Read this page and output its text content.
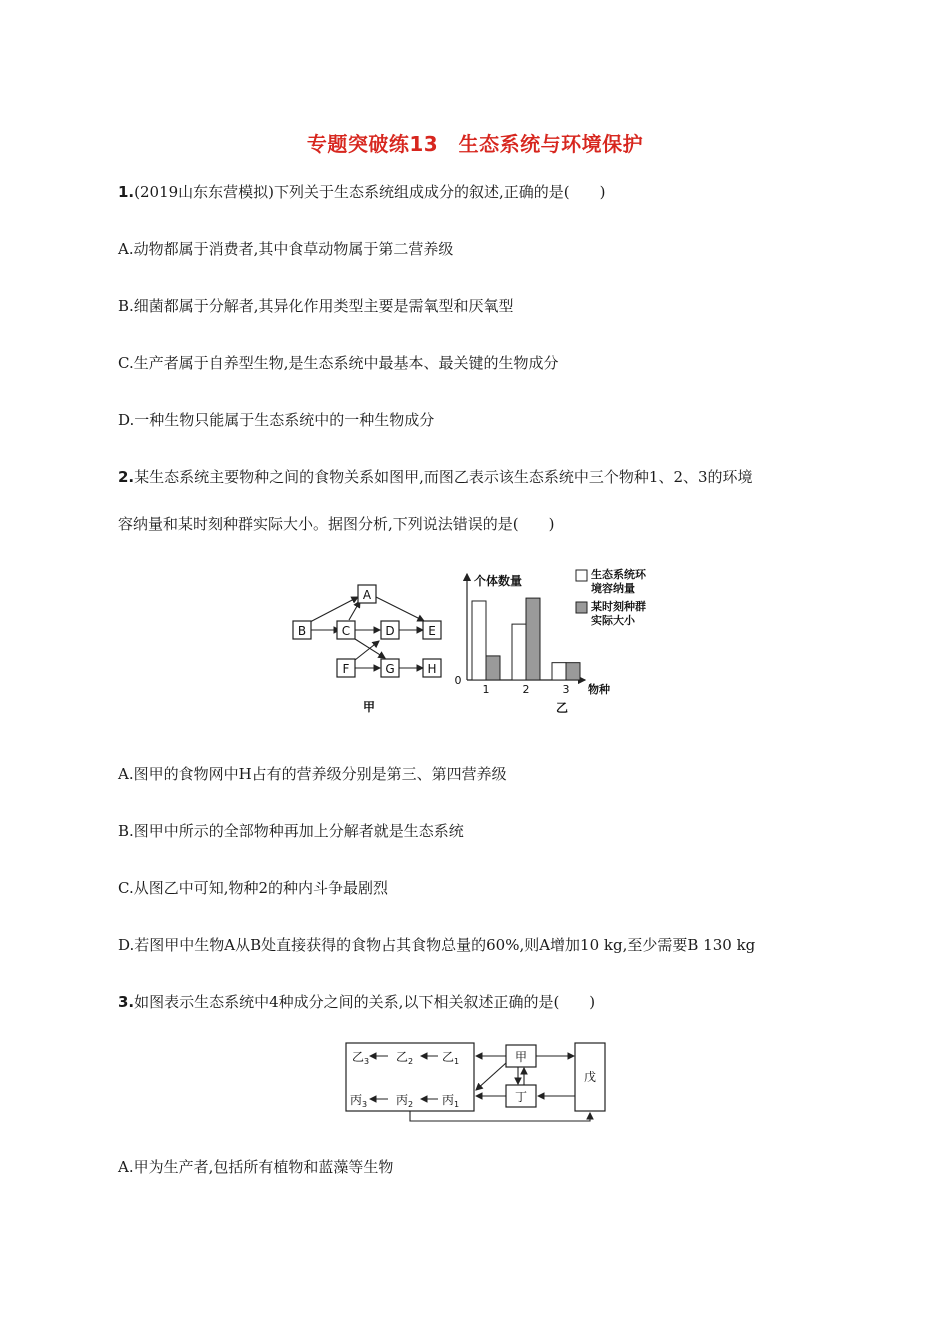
专题突破练13　生态系统与环境保护
1.(2019山东东营模拟)下列关于生态系统组成成分的叙述,正确的是(　　)
A.动物都属于消费者,其中食草动物属于第二营养级
B.细菌都属于分解者,其异化作用类型主要是需氧型和厌氧型
C.生产者属于自养型生物,是生态系统中最基本、最关键的生物成分
D.一种生物只能属于生态系统中的一种生物成分
2.某生态系统主要物种之间的食物关系如图甲,而图乙表示该生态系统中三个物种1、2、3的环境
容纳量和某时刻种群实际大小。据图分析,下列说法错误的是(　　)
A
B	C	D	E
F	G	H
甲
个体数量
0
物种
1	2	3
乙
生态系统环
境容纳量
某时刻种群
实际大小
A.图甲的食物网中H占有的营养级分别是第三、第四营养级
B.图甲中所示的全部物种再加上分解者就是生态系统
C.从图乙中可知,物种2的种内斗争最剧烈
D.若图甲中生物A从B处直接获得的食物占其食物总量的60%,则A增加10 kg,至少需要B 130 kg
3.如图表示生态系统中4种成分之间的关系,以下相关叙述正确的是(　　)
乙$_3$ 乙$_2$ 乙$_1$
丙$_3$ 丙$_2$ 丙$_1$
甲
丁
戊
A.甲为生产者,包括所有植物和蓝藻等生物
